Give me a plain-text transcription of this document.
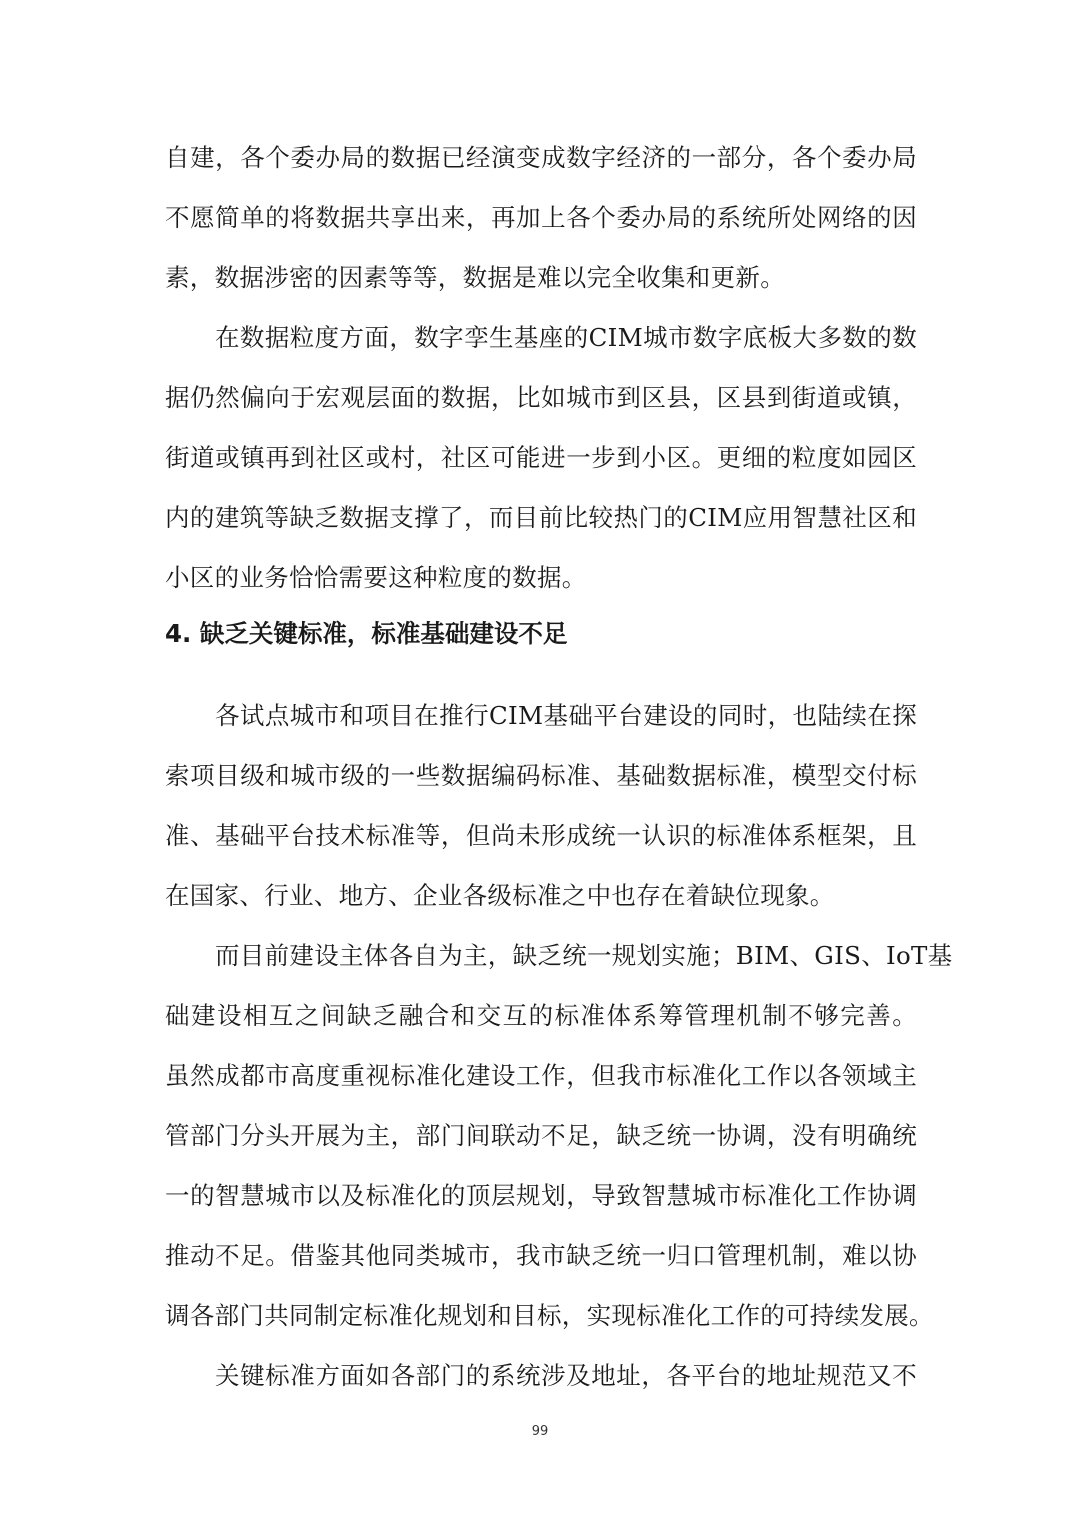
自建，各个委办局的数据已经演变成数字经济的一部分，各个委办局
不愿简单的将数据共享出来，再加上各个委办局的系统所处网络的因
素，数据涉密的因素等等，数据是难以完全收集和更新。
在数据粒度方面，数字孪生基座的CIM城市数字底板大多数的数
据仍然偏向于宏观层面的数据，比如城市到区县，区县到街道或镇，
街道或镇再到社区或村，社区可能进一步到小区。更细的粒度如园区
内的建筑等缺乏数据支撑了，而目前比较热门的CIM应用智慧社区和
小区的业务恰恰需要这种粒度的数据。
4. 缺乏关键标准，标准基础建设不足
各试点城市和项目在推行CIM基础平台建设的同时，也陆续在探
索项目级和城市级的一些数据编码标准、基础数据标准，模型交付标
准、基础平台技术标准等，但尚未形成统一认识的标准体系框架，且
在国家、行业、地方、企业各级标准之中也存在着缺位现象。
而目前建设主体各自为主，缺乏统一规划实施；BIM、GIS、IoT基
础建设相互之间缺乏融合和交互的标准体系筹管理机制不够完善。
虽然成都市高度重视标准化建设工作，但我市标准化工作以各领域主
管部门分头开展为主，部门间联动不足，缺乏统一协调，没有明确统
一的智慧城市以及标准化的顶层规划，导致智慧城市标准化工作协调
推动不足。借鉴其他同类城市，我市缺乏统一归口管理机制，难以协
调各部门共同制定标准化规划和目标，实现标准化工作的可持续发展。
关键标准方面如各部门的系统涉及地址，各平台的地址规范又不
99
